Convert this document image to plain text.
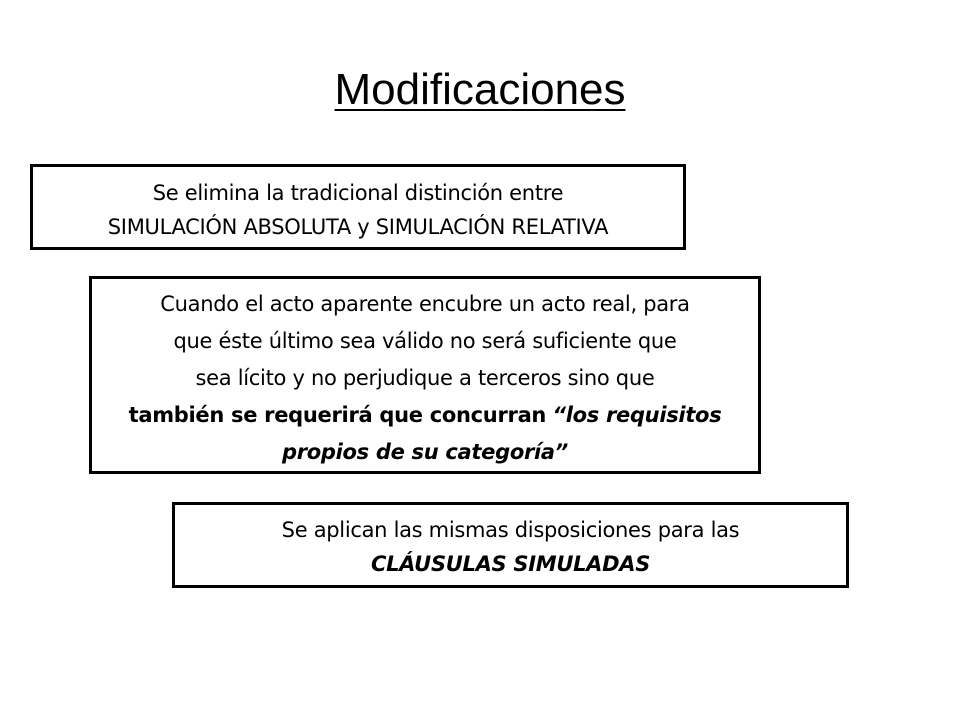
Modificaciones
Se elimina la tradicional distinción entre
SIMULACIÓN ABSOLUTA y SIMULACIÓN RELATIVA
Cuando el acto aparente encubre un acto real, para
que éste último sea válido no será suficiente que
sea lícito y no perjudique a terceros sino que
también se requerirá que concurran “los requisitos
propios de su categoría”
Se aplican las mismas disposiciones para las
CLÁUSULAS SIMULADAS
